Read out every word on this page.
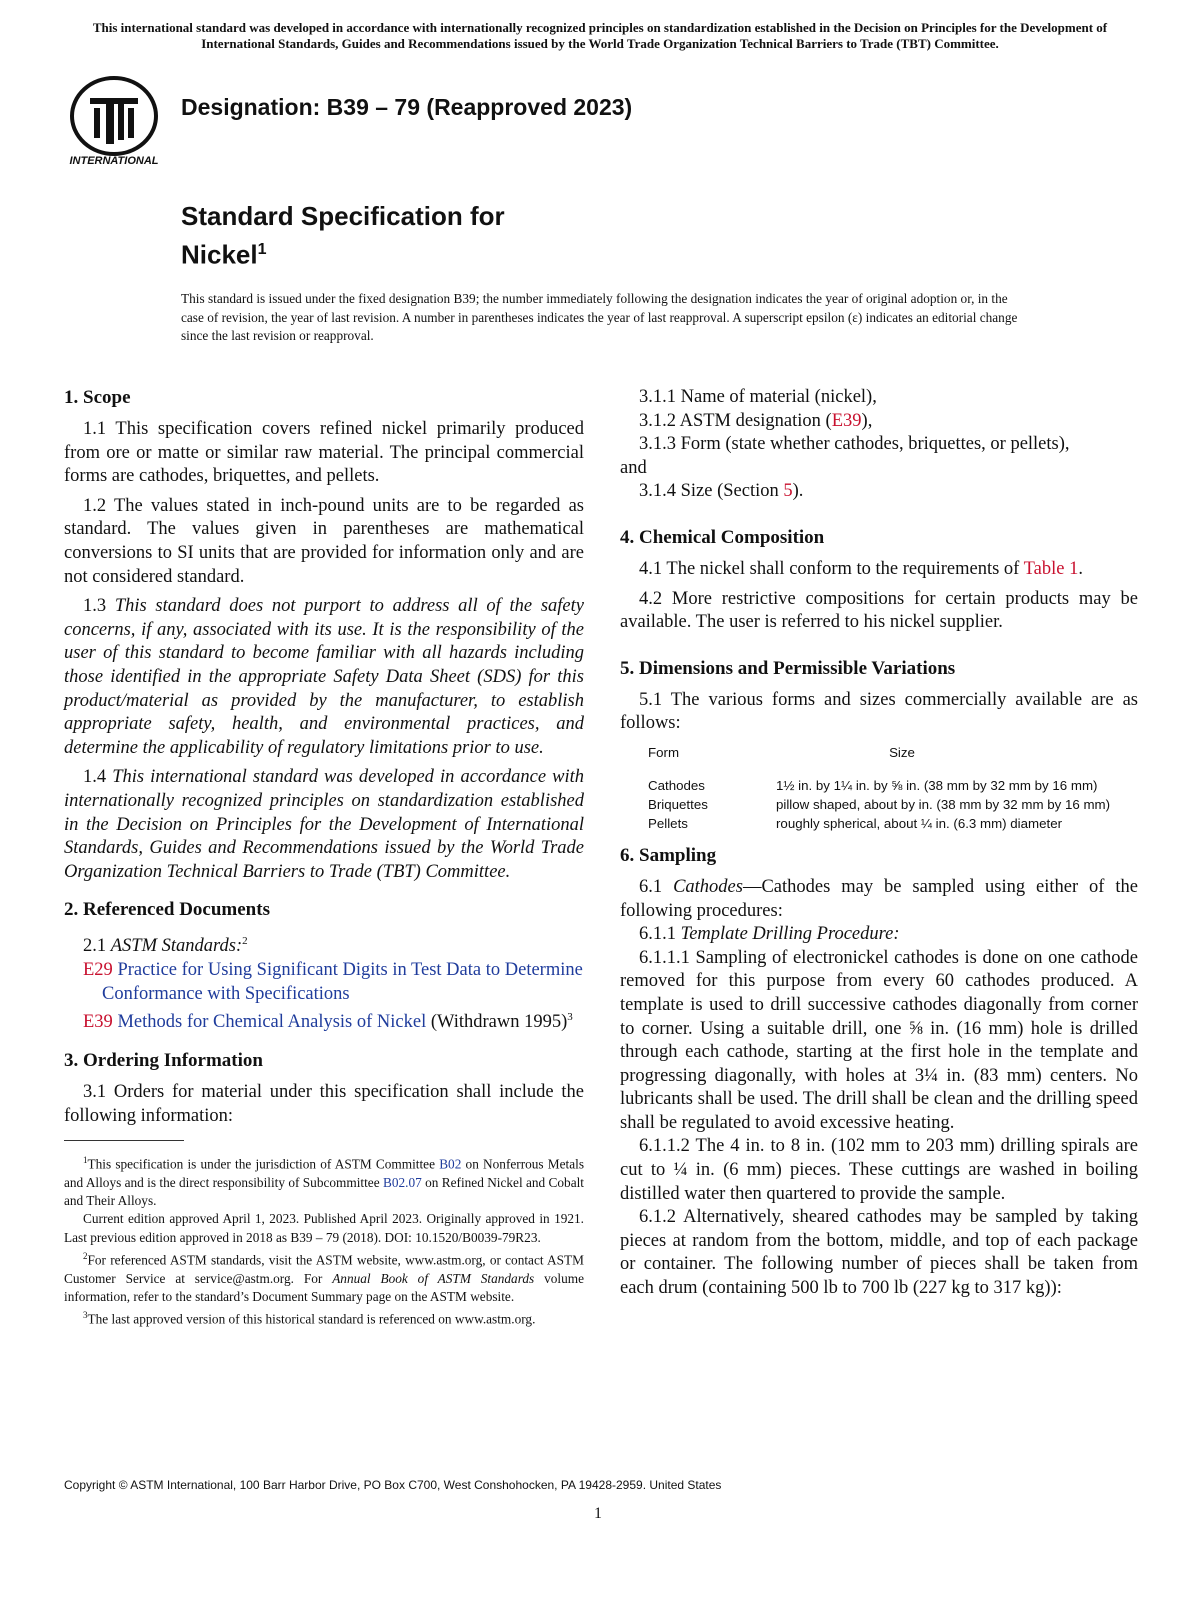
This international standard was developed in accordance with internationally recognized principles on standardization established in the Decision on Principles for the Development of International Standards, Guides and Recommendations issued by the World Trade Organization Technical Barriers to Trade (TBT) Committee.
INTERNATIONAL
Designation: B39 – 79 (Reapproved 2023)
Standard Specification for
Nickel$^1$
This standard is issued under the fixed designation B39; the number immediately following the designation indicates the year of original adoption or, in the case of revision, the year of last revision. A number in parentheses indicates the year of last reapproval. A superscript epsilon (ε) indicates an editorial change since the last revision or reapproval.
1. Scope

1.1 This specification covers refined nickel primarily produced from ore or matte or similar raw material. The principal commercial forms are cathodes, briquettes, and pellets.

1.2 The values stated in inch-pound units are to be regarded as standard. The values given in parentheses are mathematical conversions to SI units that are provided for information only and are not considered standard.

1.3 This standard does not purport to address all of the safety concerns, if any, associated with its use. It is the responsibility of the user of this standard to become familiar with all hazards including those identified in the appropriate Safety Data Sheet (SDS) for this product/material as provided by the manufacturer, to establish appropriate safety, health, and environmental practices, and determine the applicability of regulatory limitations prior to use.

1.4 This international standard was developed in accordance with internationally recognized principles on standardization established in the Decision on Principles for the Development of International Standards, Guides and Recommendations issued by the World Trade Organization Technical Barriers to Trade (TBT) Committee.

2. Referenced Documents

2.1 ASTM Standards:$^2$

E29 Practice for Using Significant Digits in Test Data to Determine Conformance with Specifications

E39 Methods for Chemical Analysis of Nickel (Withdrawn 1995)$^3$

3. Ordering Information

3.1 Orders for material under this specification shall include the following information:

$^1$This specification is under the jurisdiction of ASTM Committee B02 on Nonferrous Metals and Alloys and is the direct responsibility of Subcommittee B02.07 on Refined Nickel and Cobalt and Their Alloys.

Current edition approved April 1, 2023. Published April 2023. Originally approved in 1921. Last previous edition approved in 2018 as B39 – 79 (2018). DOI: 10.1520/B0039-79R23.

$^2$For referenced ASTM standards, visit the ASTM website, www.astm.org, or contact ASTM Customer Service at service@astm.org. For Annual Book of ASTM Standards volume information, refer to the standard’s Document Summary page on the ASTM website.

$^3$The last approved version of this historical standard is referenced on www.astm.org.

3.1.1 Name of material (nickel),
3.1.2 ASTM designation (E39),
3.1.3 Form (state whether cathodes, briquettes, or pellets),
and
3.1.4 Size (Section 5).
4. Chemical Composition

4.1 The nickel shall conform to the requirements of Table 1.

4.2 More restrictive compositions for certain products may be available. The user is referred to his nickel supplier.

5. Dimensions and Permissible Variations

5.1 The various forms and sizes commercially available are as follows:

Form	Size
Cathodes	1½ in. by 1¼ in. by ⅝ in. (38 mm by 32 mm by 16 mm)
Briquettes	pillow shaped, about by in. (38 mm by 32 mm by 16 mm)
Pellets	roughly spherical, about ¼ in. (6.3 mm) diameter
6. Sampling

6.1 Cathodes—Cathodes may be sampled using either of the following procedures:

6.1.1 Template Drilling Procedure:

6.1.1.1 Sampling of electronickel cathodes is done on one cathode removed for this purpose from every 60 cathodes produced. A template is used to drill successive cathodes diagonally from corner to corner. Using a suitable drill, one ⅝ in. (16 mm) hole is drilled through each cathode, starting at the first hole in the template and progressing diagonally, with holes at 3¼ in. (83 mm) centers. No lubricants shall be used. The drill shall be clean and the drilling speed shall be regulated to avoid excessive heating.

6.1.1.2 The 4 in. to 8 in. (102 mm to 203 mm) drilling spirals are cut to ¼ in. (6 mm) pieces. These cuttings are washed in boiling distilled water then quartered to provide the sample.

6.1.2 Alternatively, sheared cathodes may be sampled by taking pieces at random from the bottom, middle, and top of each package or container. The following number of pieces shall be taken from each drum (containing 500 lb to 700 lb (227 kg to 317 kg)):

Copyright © ASTM International, 100 Barr Harbor Drive, PO Box C700, West Conshohocken, PA 19428-2959. United States
1
